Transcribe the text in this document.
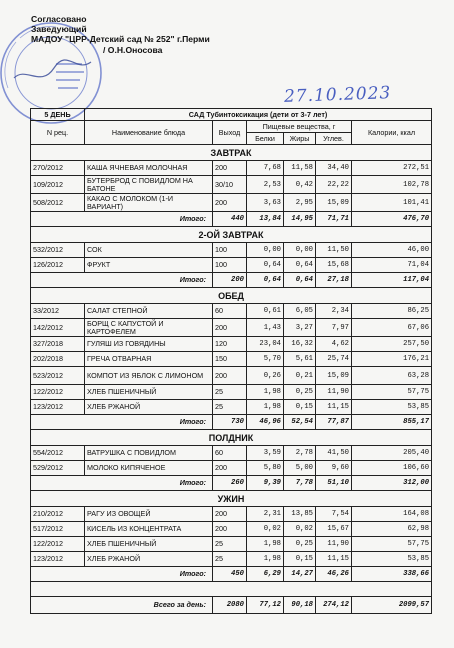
Согласовано
Заведующий
МАДОУ "ЦРР-Детский сад № 252" г.Перми
/ О.Н.Оносова
27.10.2023
5 ДЕНЬ	САД Тубинтоксикация (дети от 3-7 лет)					
N рец.	Наименование блюда	Выход	Пищевые вещества, г			Калории, ккал
			Белки	Жиры	Углев.	
ЗАВТРАК						
270/2012	КАША ЯЧНЕВАЯ МОЛОЧНАЯ	200	7,68	11,58	34,40	272,51
109/2012	БУТЕРБРОД С ПОВИДЛОМ НА БАТОНЕ	30/10	2,53	0,42	22,22	102,78
508/2012	КАКАО С МОЛОКОМ (1-И ВАРИАНТ)	200	3,63	2,95	15,09	101,41
Итого:		440	13,84	14,95	71,71	476,70
2-ОЙ ЗАВТРАК						
532/2012	СОК	100	0,00	0,00	11,50	46,00
126/2012	ФРУКТ	100	0,64	0,64	15,68	71,04
Итого:		200	0,64	0,64	27,18	117,04
ОБЕД						
33/2012	САЛАТ СТЕПНОЙ	60	0,61	6,05	2,34	86,25
142/2012	БОРЩ С КАПУСТОЙ И КАРТОФЕЛЕМ	200	1,43	3,27	7,97	67,06
327/2018	ГУЛЯШ ИЗ ГОВЯДИНЫ	120	23,04	16,32	4,62	257,50
202/2018	ГРЕЧА ОТВАРНАЯ	150	5,70	5,61	25,74	176,21
523/2012	КОМПОТ ИЗ ЯБЛОК С ЛИМОНОМ	200	0,26	0,21	15,09	63,28
122/2012	ХЛЕБ ПШЕНИЧНЫЙ	25	1,98	0,25	11,90	57,75
123/2012	ХЛЕБ РЖАНОЙ	25	1,98	0,15	11,15	53,85
Итого:		730	46,96	52,54	77,87	855,17
ПОЛДНИК						
554/2012	ВАТРУШКА С ПОВИДЛОМ	60	3,59	2,78	41,50	205,40
529/2012	МОЛОКО КИПЯЧЕНОЕ	200	5,80	5,00	9,60	106,60
Итого:		260	9,39	7,78	51,10	312,00
УЖИН						
210/2012	РАГУ ИЗ ОВОЩЕЙ	200	2,31	13,85	7,54	164,08
517/2012	КИСЕЛЬ ИЗ КОНЦЕНТРАТА	200	0,02	0,02	15,67	62,98
122/2012	ХЛЕБ ПШЕНИЧНЫЙ	25	1,98	0,25	11,90	57,75
123/2012	ХЛЕБ РЖАНОЙ	25	1,98	0,15	11,15	53,85
Итого:		450	6,29	14,27	46,26	338,66

Всего за день:		2080	77,12	90,18	274,12	2099,57
